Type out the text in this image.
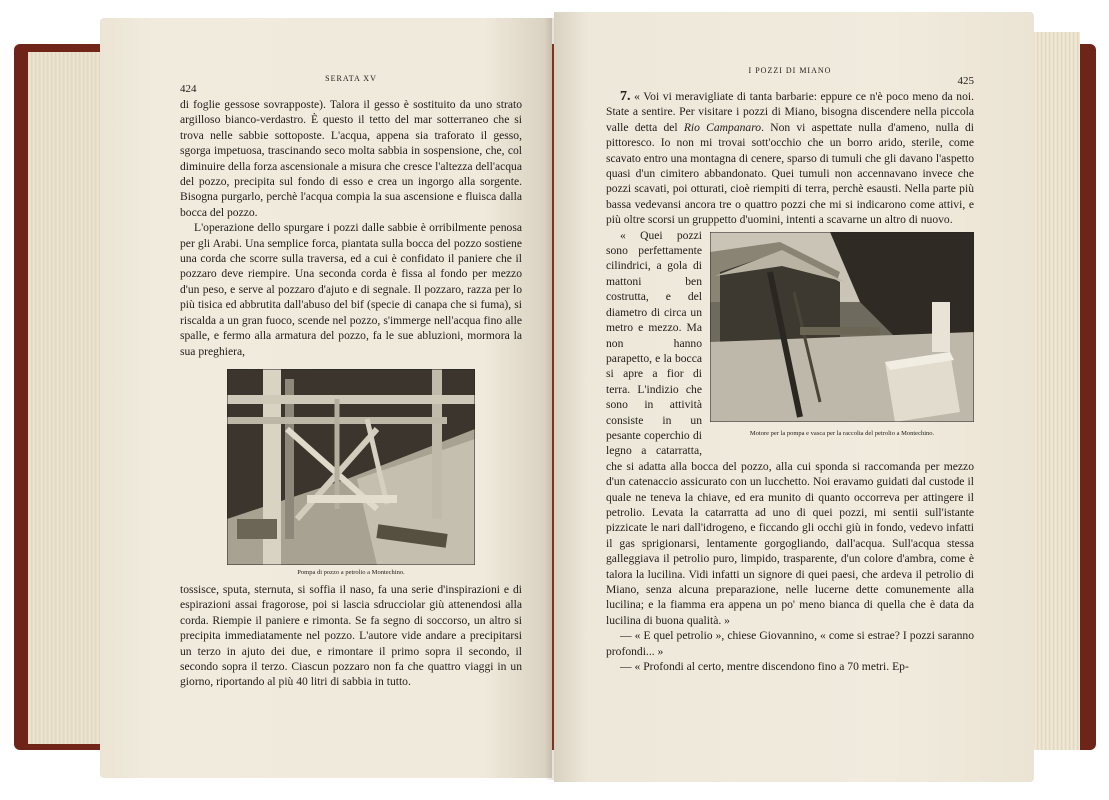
SERATA XV
424

di foglie gessose sovrapposte). Talora il gesso è sostituito da uno strato argilloso bianco-verdastro. È questo il tetto del mar sotterraneo che si trova nelle sabbie sottoposte. L'acqua, appena sia traforato il gesso, sgorga impetuosa, trascinando seco molta sabbia in sospensione, che, col diminuire della forza ascensionale a misura che cresce l'altezza dell'acqua del pozzo, precipita sul fondo di esso e crea un ingorgo alla sorgente. Bisogna purgarlo, perchè l'acqua compia la sua ascensione e fluisca dalla bocca del pozzo.

L'operazione dello spurgare i pozzi dalle sabbie è orribilmente penosa per gli Arabi. Una semplice forca, piantata sulla bocca del pozzo sostiene una corda che scorre sulla traversa, ed a cui è confidato il paniere che il pozzaro deve riempire. Una seconda corda è fissa al fondo per mezzo d'un peso, e serve al pozzaro d'ajuto e di segnale. Il pozzaro, razza per lo più tisica ed abbrutita dall'abuso del bif (specie di canapa che si fuma), si riscalda a un gran fuoco, scende nel pozzo, s'immerge nell'acqua fino alle spalle, e fermo alla armatura del pozzo, fa le sue abluzioni, mormora la sua preghiera,

Pompa di pozzo a petrolio a Montechino.

tossisce, sputa, sternuta, si soffia il naso, fa una serie d'inspirazioni e di espirazioni assai fragorose, poi si lascia sdrucciolar giù attenendosi alla corda. Riempie il paniere e rimonta. Se fa segno di soccorso, un altro si precipita immediatamente nel pozzo. L'autore vide andare a precipitarsi un terzo in ajuto dei due, e rimontare il primo sopra il secondo, il secondo sopra il terzo. Ciascun pozzaro non fa che quattro viaggi in un giorno, riportando al più 40 litri di sabbia in tutto.

I POZZI DI MIANO
425

7. « Voi vi meravigliate di tanta barbarie: eppure ce n'è poco meno da noi. State a sentire. Per visitare i pozzi di Miano, bisogna discendere nella piccola valle detta del Rio Campanaro. Non vi aspettate nulla d'ameno, nulla di pittoresco. Io non mi trovai sott'occhio che un borro arido, sterile, come scavato entro una montagna di cenere, sparso di tumuli che gli davano l'aspetto quasi d'un cimitero abbandonato. Quei tumuli non accennavano invece che pozzi scavati, poi otturati, cioè riempiti di terra, perchè esausti. Nella parte più bassa vedevansi ancora tre o quattro pozzi che mi si indicarono come attivi, e più oltre scorsi un gruppetto d'uomini, intenti a scavarne un altro di nuovo.

Motore per la pompa e vasca per la raccolta del petrolio a Montechino.

« Quei pozzi sono perfettamente cilindrici, a gola di mattoni ben costrutta, e del diametro di circa un metro e mezzo. Ma non hanno parapetto, e la bocca si apre a fior di terra. L'indizio che sono in attività consiste in un pesante coperchio di legno a catarratta, che si adatta alla bocca del pozzo, alla cui sponda si raccomanda per mezzo d'un catenaccio assicurato con un lucchetto. Noi eravamo guidati dal custode il quale ne teneva la chiave, ed era munito di quanto occorreva per attingere il petrolio. Levata la catarratta ad uno di quei pozzi, mi sentii sull'istante pizzicate le nari dall'idrogeno, e ficcando gli occhi giù in fondo, vedevo infatti il gas sprigionarsi, lentamente gorgogliando, dall'acqua. Sull'acqua stessa galleggiava il petrolio puro, limpido, trasparente, d'un colore d'ambra, come è talora la lucilina. Vidi infatti un signore di quei paesi, che ardeva il petrolio di Miano, senza alcuna preparazione, nelle lucerne dette comunemente alla lucilina; e la fiamma era appena un po' meno bianca di quella che è data da lucilina di buona qualità. »

— « E quel petrolio », chiese Giovannino, « come si estrae? I pozzi saranno profondi... »

— « Profondi al certo, mentre discendono fino a 70 metri. Ep-
